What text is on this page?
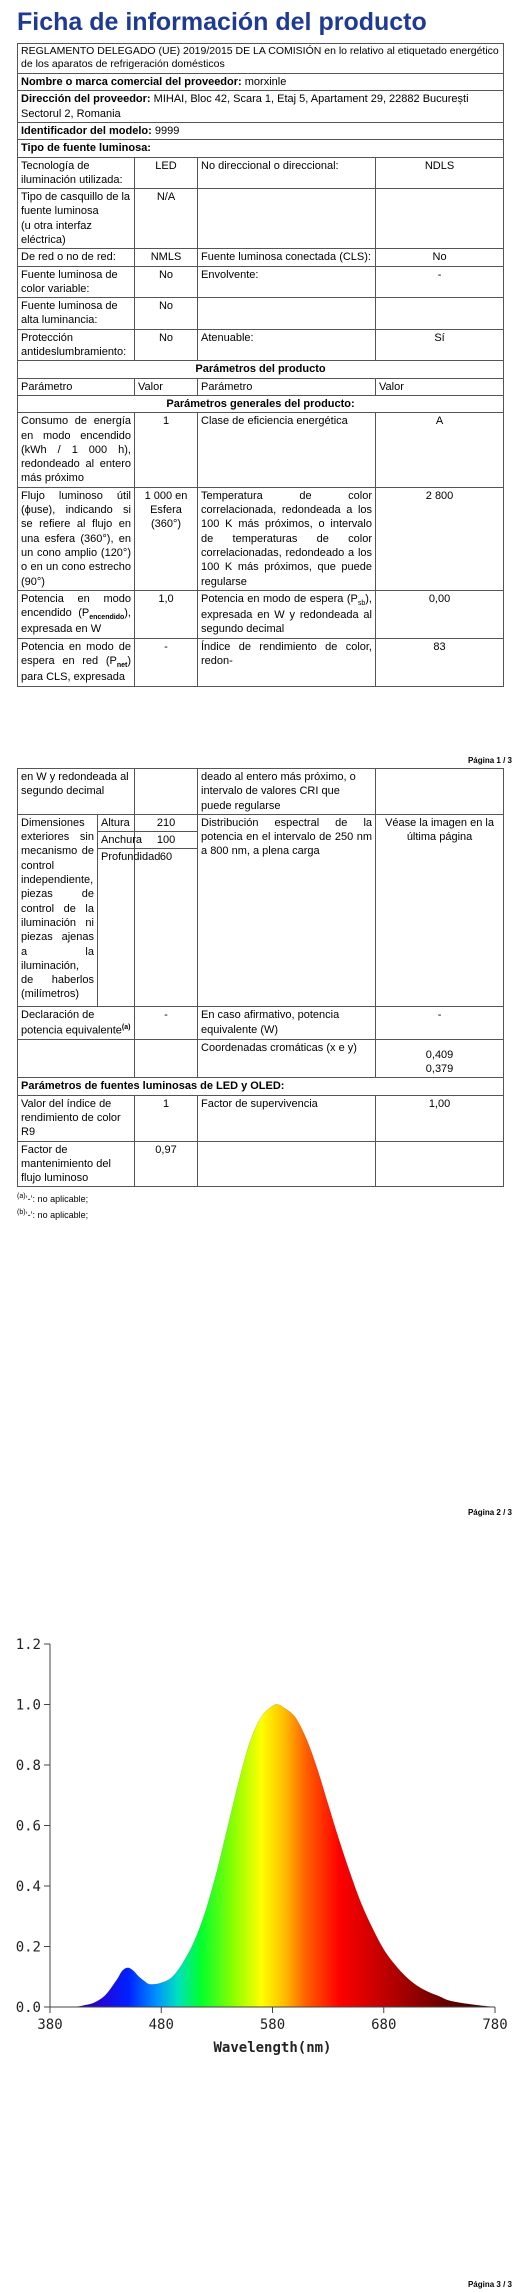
Ficha de información del producto
REGLAMENTO DELEGADO (UE) 2019/2015 DE LA COMISIÓN en lo relativo al etiquetado energético de los aparatos de refrigeración domésticos			
Nombre o marca comercial del proveedor: morxinle			
Dirección del proveedor: MIHAI, Bloc 42, Scara 1, Etaj 5, Apartament 29, 22882 București Sectorul 2, Romania			
Identificador del modelo: 9999			
Tipo de fuente luminosa:			
Tecnología de iluminación utilizada:	LED	No direccional o direccional:	NDLS

Tipo de casquillo de la fuente luminosa
(u otra interfaz eléctrica)	N/A		
De red o no de red:	NMLS	Fuente luminosa conectada (CLS):	No
Fuente luminosa de color variable:	No	Envolvente:	-
Fuente luminosa de alta luminancia:	No		
Protección antideslumbramiento:	No	Atenuable:	Sí
Parámetros del producto			
Parámetro	Valor	Parámetro	Valor
Parámetros generales del producto:			
Consumo de energía en modo encendido (kWh / 1 000 h), redondeado al entero más próximo	1	Clase de eficiencia energética	A
Flujo luminoso útil (ϕuse), indicando si se refiere al flujo en una esfera (360°), en un cono amplio (120°) o en un cono estrecho (90°)	1 000 en Esfera (360°)	Temperatura de color correlacionada, redondeada a los 100 K más próximos, o intervalo de temperaturas de color correlacionadas, redondeado a los 100 K más próximos, que puede regularse	2 800
Potencia en modo encendido $(P_{encendido})$, expresada en W	1,0	Potencia en modo de espera $(P_{sb})$, expresada en W y redondeada al segundo decimal	0,00
Potencia en modo de espera en red $(P_{net})$ para CLS, expresada	-	Índice de rendimiento de color, redon-	83
Página 1 / 3
en W y redondeada al segundo decimal			deado al entero más próximo, o intervalo de valores CRI que puede regularse	
Dimensiones exteriores sin mecanismo de control independiente, piezas de control de la iluminación ni piezas ajenas a la iluminación, de haberlos (milímetros)	Altura	210	Distribución espectral de la potencia en el intervalo de 250 nm a 800 nm, a plena carga	Véase la imagen en la última página
	Anchura	100		
	Profundidad	60		
Declaración de potencia equivalente$^{(a)}$		-	En caso afirmativo, potencia equivalente (W)	-
			Coordenadas cromáticas (x e y)	0,409
0,379

Parámetros de fuentes luminosas de LED y OLED:				
Valor del índice de rendimiento de color R9		1	Factor de supervivencia	1,00
Factor de mantenimiento del flujo luminoso		0,97		
$^{(a)}$‘-’: no aplicable;
$^{(b)}$‘-’: no aplicable;
Página 2 / 3
0.0
0.2
0.4
0.6
0.8
1.0
1.2
380	480	580	680	780
Wavelength(nm)
Página 3 / 3
